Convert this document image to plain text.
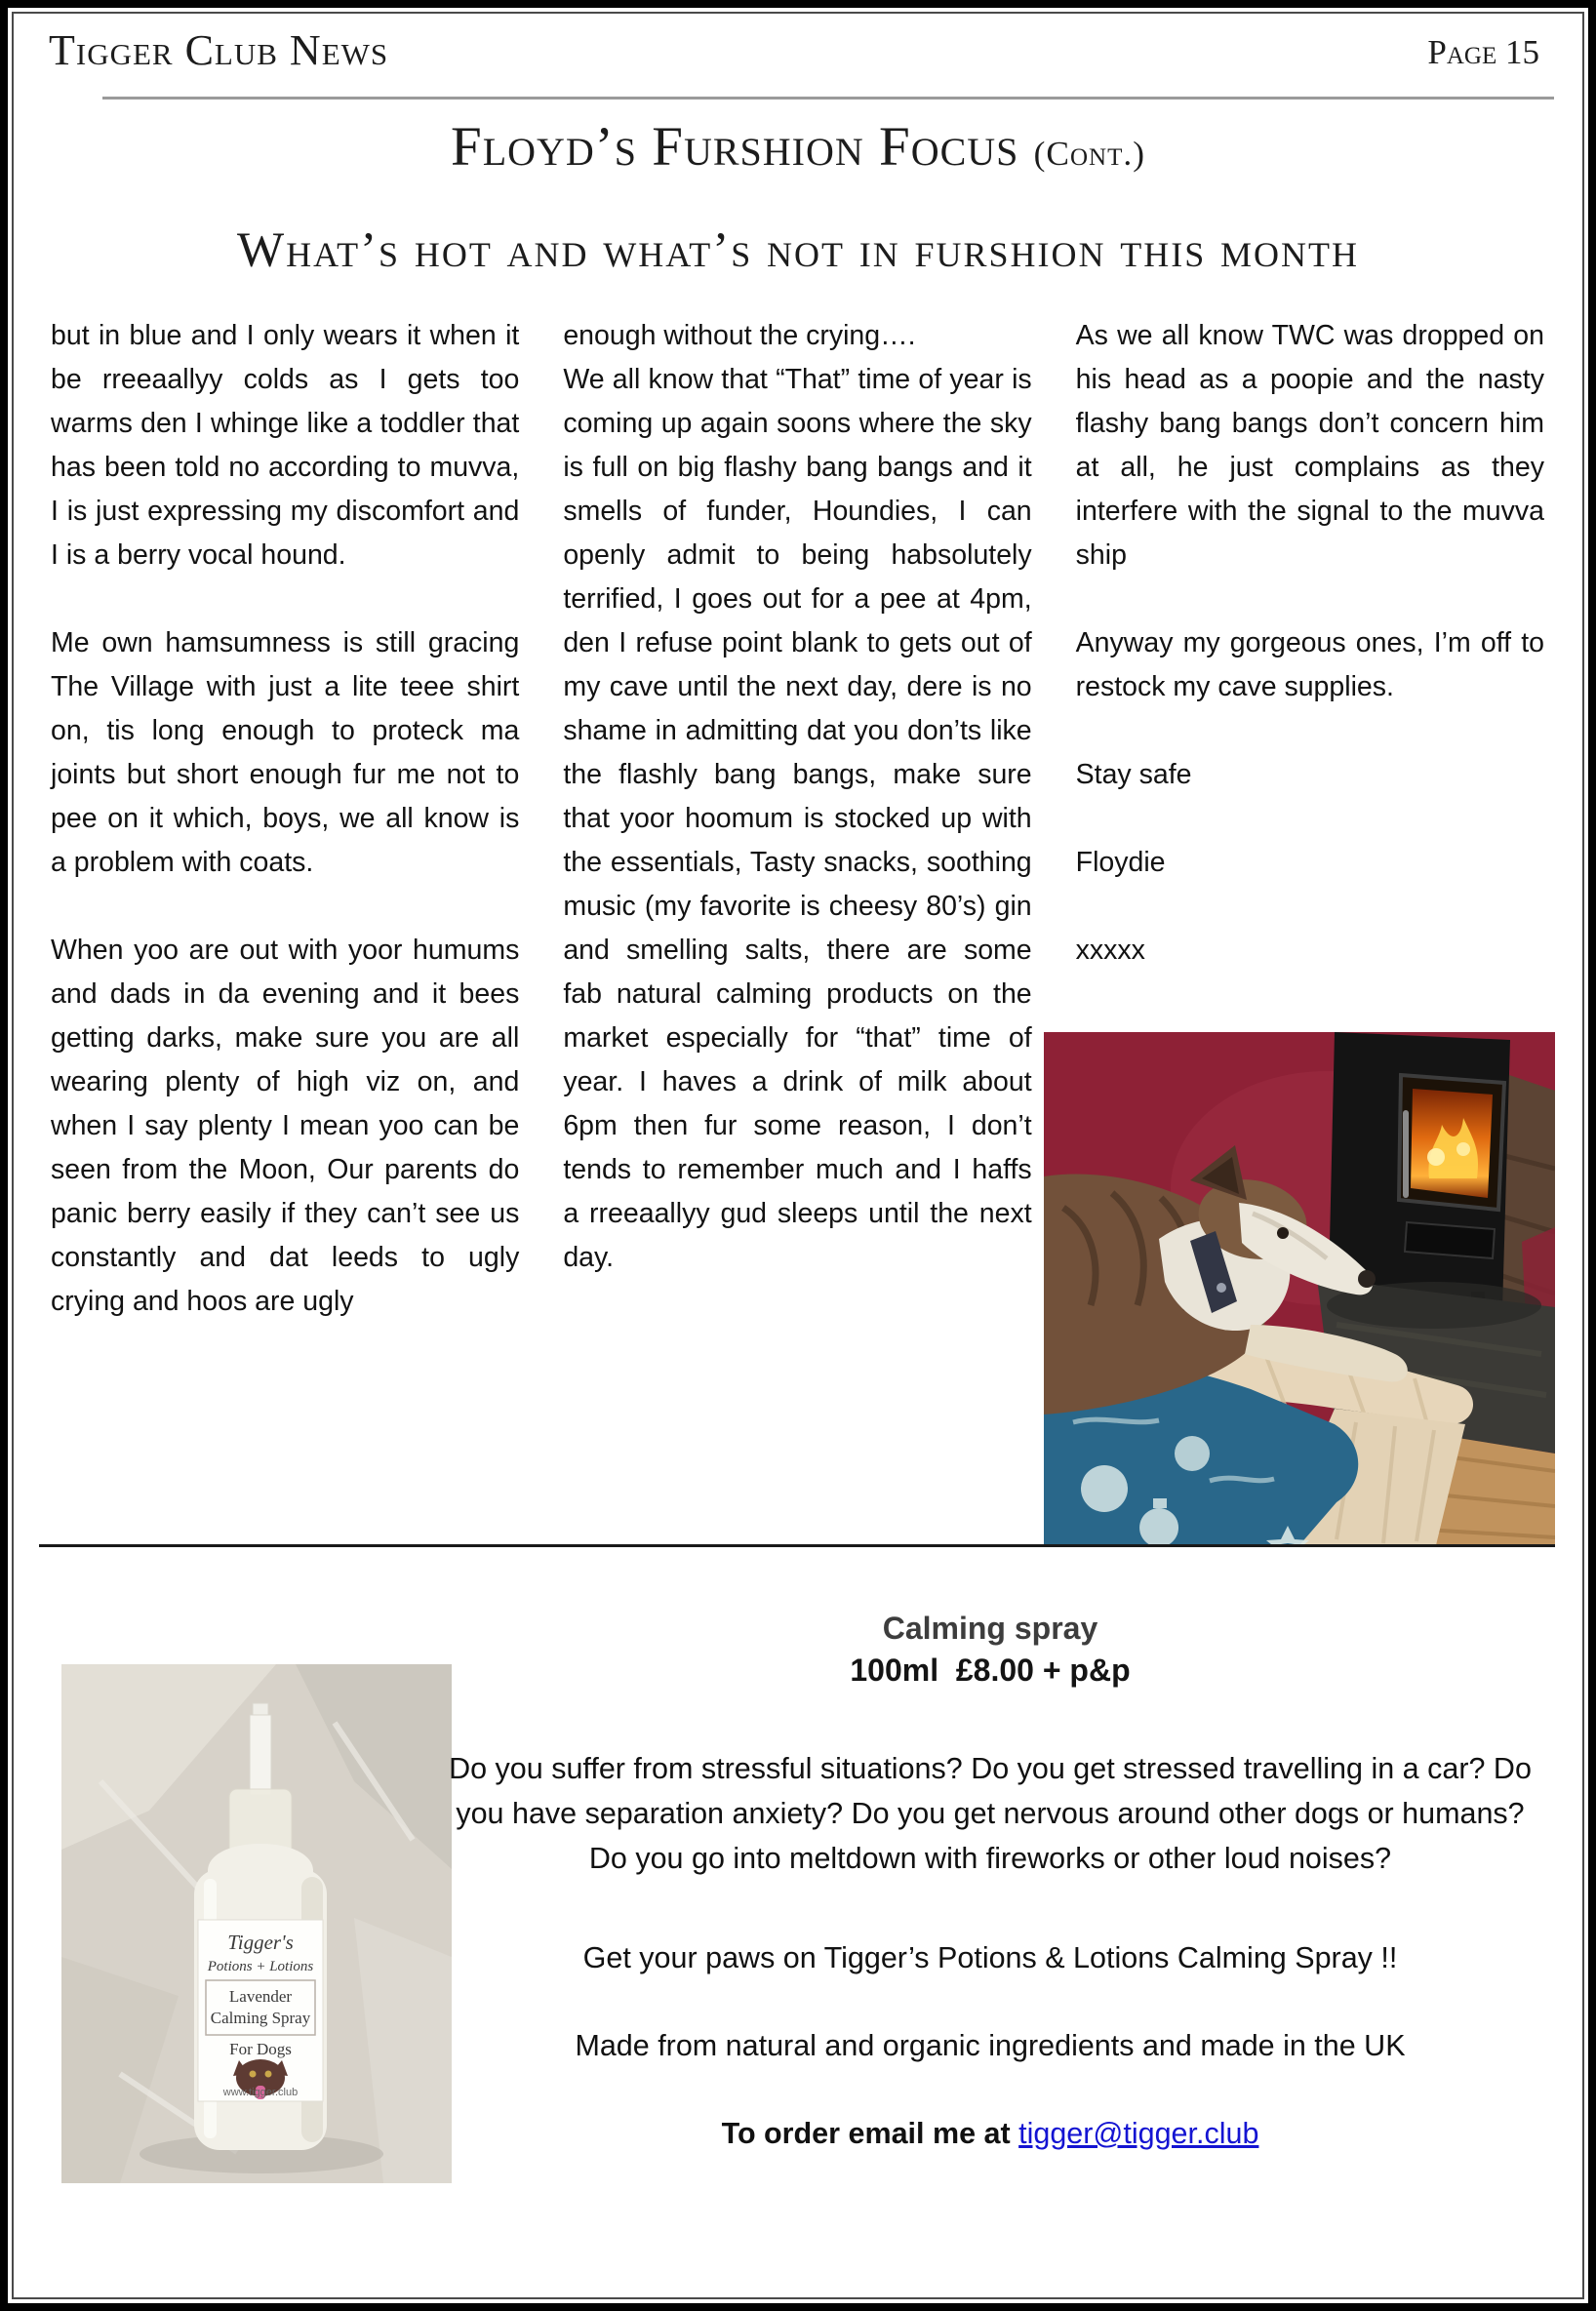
Tigger Club News	Page 15
Floyd’s Furshion Focus (Cont.)
What’s hot and what’s not in furshion this month

but in blue and I only wears it when it be rreeaallyy colds as I gets too warms den I whinge like a toddler that has been told no according to muvva, I is just expressing my discomfort and I is a berry vocal hound.

Me own hamsumness is still gracing The Village with just a lite teee shirt on, tis long enough to proteck ma joints but short enough fur me not to pee on it which, boys, we all know is a problem with coats.

When yoo are out with yoor humums and dads in da evening and it bees getting darks, make sure you are all wearing plenty of high viz on, and when I say plenty I mean yoo can be seen from the Moon, Our parents do panic berry easily if they can’t see us constantly and dat leeds to ugly crying and hoos are ugly

enough without the crying….

We all know that “That” time of year is coming up again soons where the sky is full on big flashy bang bangs and it smells of funder, Houndies, I can openly admit to being habsolutely terrified, I goes out for a pee at 4pm, den I refuse point blank to gets out of my cave until the next day, dere is no shame in admitting dat you don’ts like the flashly bang bangs, make sure that yoor hoomum is stocked up with the essentials, Tasty snacks, soothing music (my favorite is cheesy 80’s) gin and smelling salts, there are some fab natural calming products on the market especially for “that” time of year. I haves a drink of milk about 6pm then fur some reason, I don’t tends to remember much and I haffs a rreeaallyy gud sleeps until the next day.

As we all know TWC was dropped on his head as a poopie and the nasty flashy bang bangs don’t concern him at all, he just complains as they interfere with the signal to the muvva ship

Anyway my gorgeous ones, I’m off to restock my cave supplies.

Stay safe

Floydie

xxxxx

Tigger's
Potions + Lotions
Lavender
Calming Spray
For Dogs
www.tigger.club

Calming spray

100ml  £8.00 + p&p

Do you suffer from stressful situations? Do you get stressed travelling in a car? Do you have separation anxiety? Do you get nervous around other dogs or humans? Do you go into meltdown with fireworks or other loud noises?

Get your paws on Tigger’s Potions & Lotions Calming Spray !!

Made from natural and organic ingredients and made in the UK

To order email me at tigger@tigger.club
